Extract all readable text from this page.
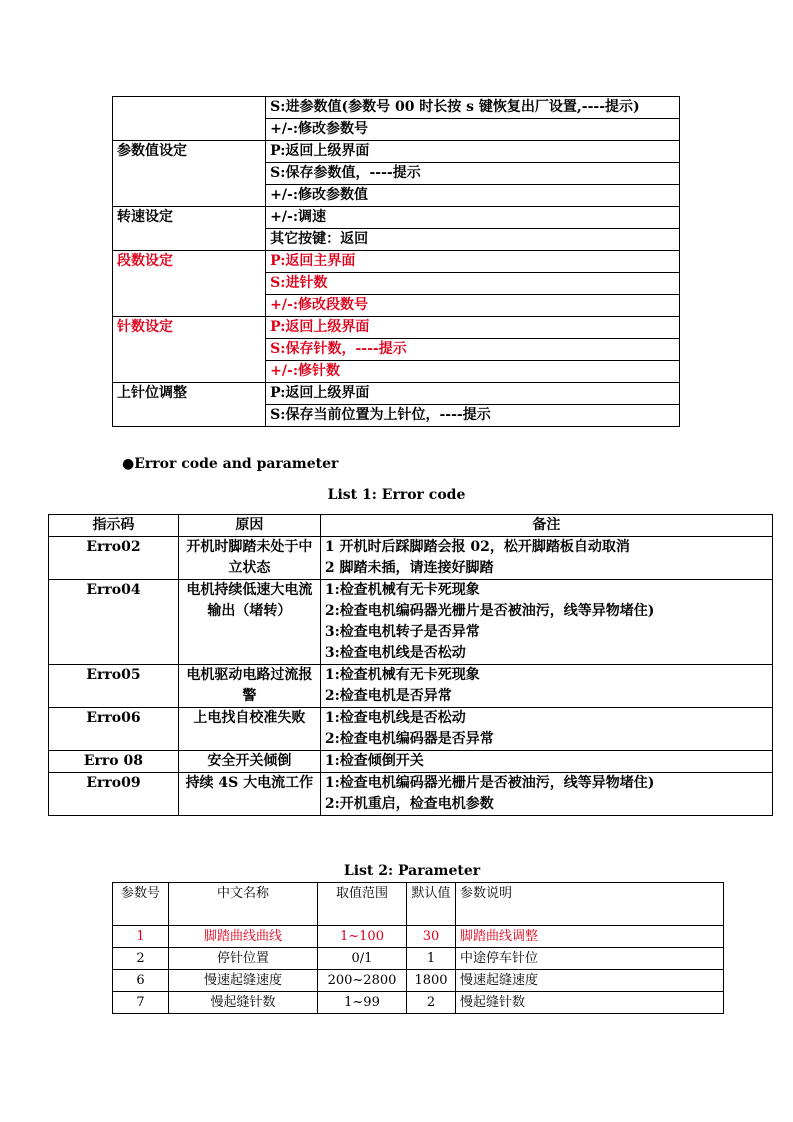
	S:进参数值(参数号 00 时长按 s 键恢复出厂设置,----提示)
	+/-:修改参数号
参数值设定	P:返回上级界面
	S:保存参数值，----提示
	+/-:修改参数值
转速设定	+/-:调速
	其它按键：返回
段数设定	P:返回主界面
	S:进针数
	+/-:修改段数号
针数设定	P:返回上级界面
	S:保存针数，----提示
	+/-:修针数
上针位调整	P:返回上级界面
	S:保存当前位置为上针位，----提示
●Error code and parameter
List 1: Error code
指示码	原因	备注
Erro02	开机时脚踏未处于中立状态	1 开机时后踩脚踏会报 02，松开脚踏板自动取消
2 脚踏未插，请连接好脚踏

Erro04	电机持续低速大电流输出（堵转）	1:检查机械有无卡死现象
2:检查电机编码器光栅片是否被油污，线等异物堵住)
3:检查电机转子是否异常
3:检查电机线是否松动

Erro05	电机驱动电路过流报警	1:检查机械有无卡死现象
2:检查电机是否异常

Erro06	上电找自校准失败	1:检查电机线是否松动
2:检查电机编码器是否异常

Erro 08	安全开关倾倒	1:检查倾倒开关

Erro09	持续 4S 大电流工作	1:检查电机编码器光栅片是否被油污，线等异物堵住)
2:开机重启，检查电机参数
List 2: Parameter
参数号	中文名称	取值范围	默认值	参数说明
1	脚踏曲线曲线	1~100	30	脚踏曲线调整
2	停针位置	0/1	1	中途停车针位
6	慢速起缝速度	200~2800	1800	慢速起缝速度
7	慢起缝针数	1~99	2	慢起缝针数
